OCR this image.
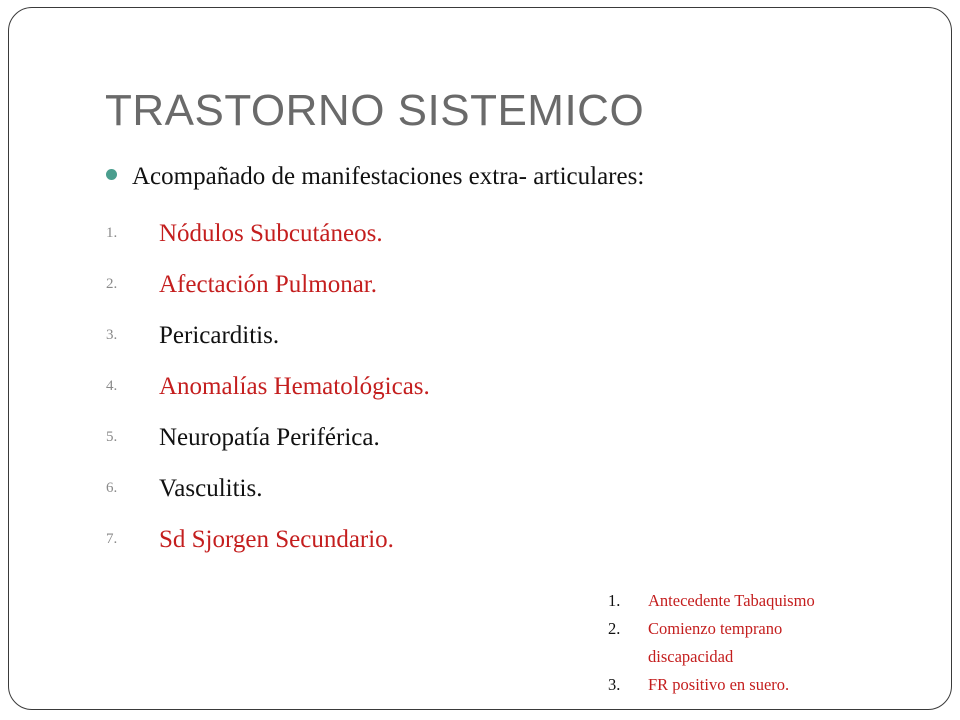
TRASTORNO SISTEMICO
Acompañado de manifestaciones extra- articulares:
1.	Nódulos Subcutáneos.
2.	Afectación Pulmonar.
3.	Pericarditis.
4.	Anomalías Hematológicas.
5.	Neuropatía Periférica.
6.	Vasculitis.
7.	Sd Sjorgen Secundario.
1.	Antecedente Tabaquismo
2.	Comienzo temprano discapacidad
3.	FR positivo en suero.
